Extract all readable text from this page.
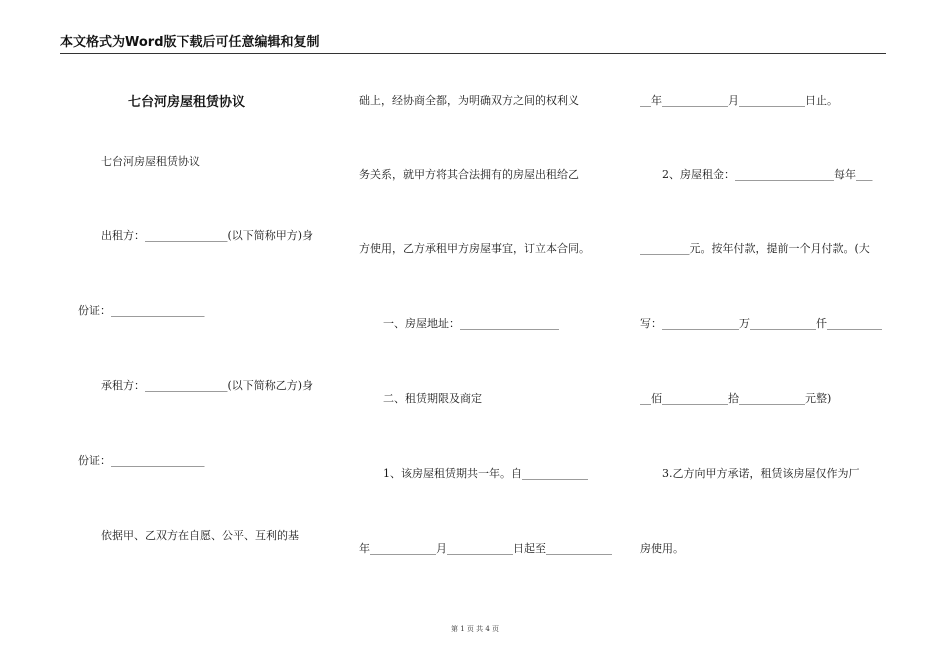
本文格式为Word版下载后可任意编辑和复制
七台河房屋租赁协议
七台河房屋租赁协议
出租方：_______________(以下简称甲方)身
份证：_________________
承租方：_______________(以下简称乙方)身
份证：_________________
依据甲、乙双方在自愿、公平、互利的基
础上，经协商全都，为明确双方之间的权利义
务关系，就甲方将其合法拥有的房屋出租给乙
方使用，乙方承租甲方房屋事宜，订立本合同。
一、房屋地址：__________________
二、租赁期限及商定
1、该房屋租赁期共一年。自____________
年____________月____________日起至____________
__年____________月____________日止。
2、房屋租金：__________________每年___
_________元。按年付款，提前一个月付款。(大
写：______________万____________仟__________
__佰____________拾____________元整)
3.乙方向甲方承诺，租赁该房屋仅作为厂
房使用。
第 1 页 共 4 页
